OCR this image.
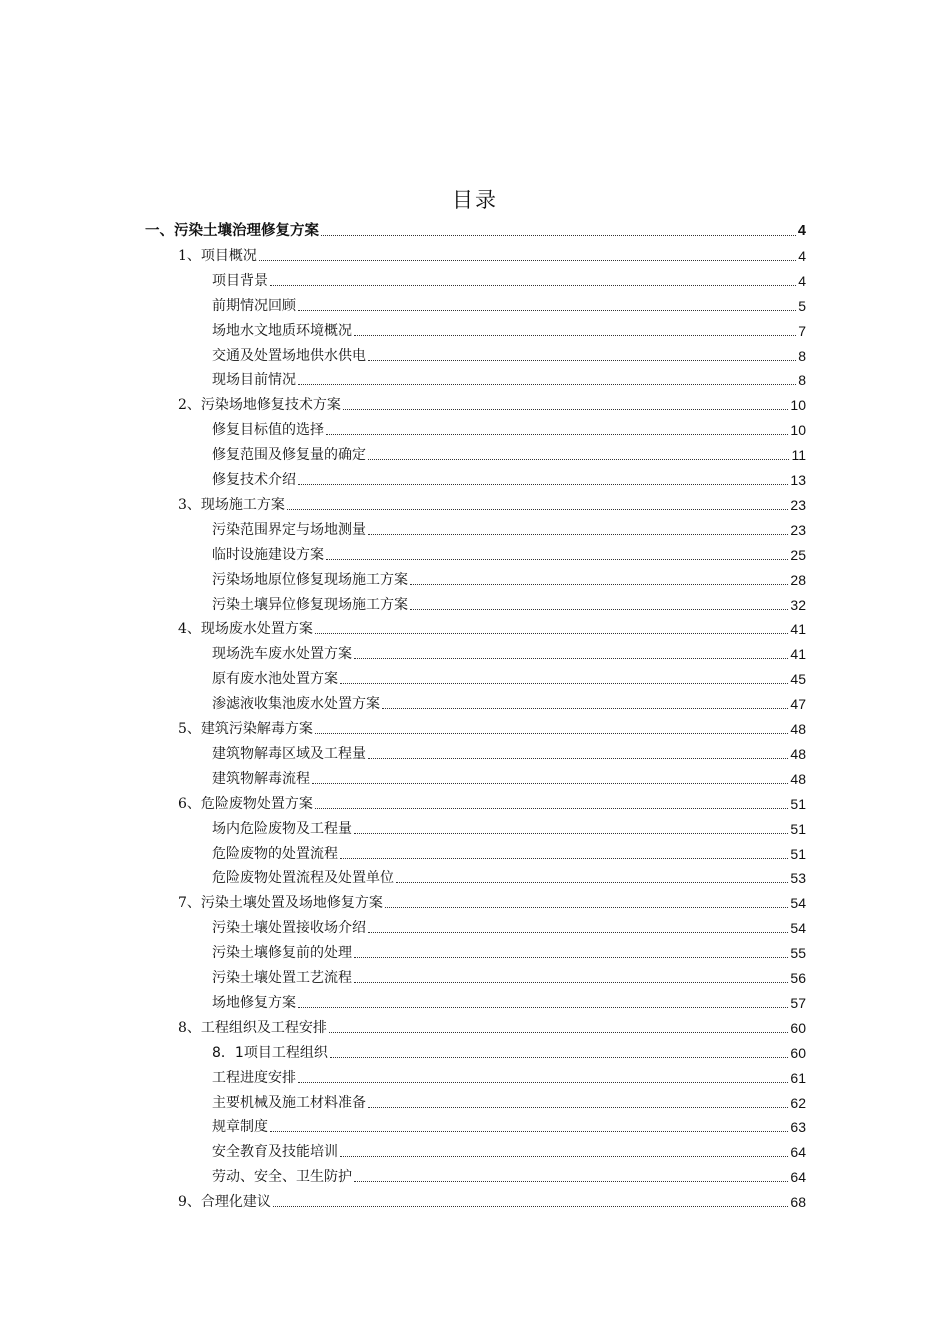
目录
一、污染土壤治理修复方案	4
1、项目概况	4
项目背景	4
前期情况回顾	5
场地水文地质环境概况	7
交通及处置场地供水供电	8
现场目前情况	8
2、污染场地修复技术方案	10
修复目标值的选择	10
修复范围及修复量的确定	11
修复技术介绍	13
3、现场施工方案	23
污染范围界定与场地测量	23
临时设施建设方案	25
污染场地原位修复现场施工方案	28
污染土壤异位修复现场施工方案	32
4、现场废水处置方案	41
现场洗车废水处置方案	41
原有废水池处置方案	45
渗滤液收集池废水处置方案	47
5、建筑污染解毒方案	48
建筑物解毒区域及工程量	48
建筑物解毒流程	48
6、危险废物处置方案	51
场内危险废物及工程量	51
危险废物的处置流程	51
危险废物处置流程及处置单位	53
7、污染土壤处置及场地修复方案	54
污染土壤处置接收场介绍	54
污染土壤修复前的处理	55
污染土壤处置工艺流程	56
场地修复方案	57
8、工程组织及工程安排	60
8．1项目工程组织	60
工程进度安排	61
主要机械及施工材料准备	62
规章制度	63
安全教育及技能培训	64
劳动、安全、卫生防护	64
9、合理化建议	68
